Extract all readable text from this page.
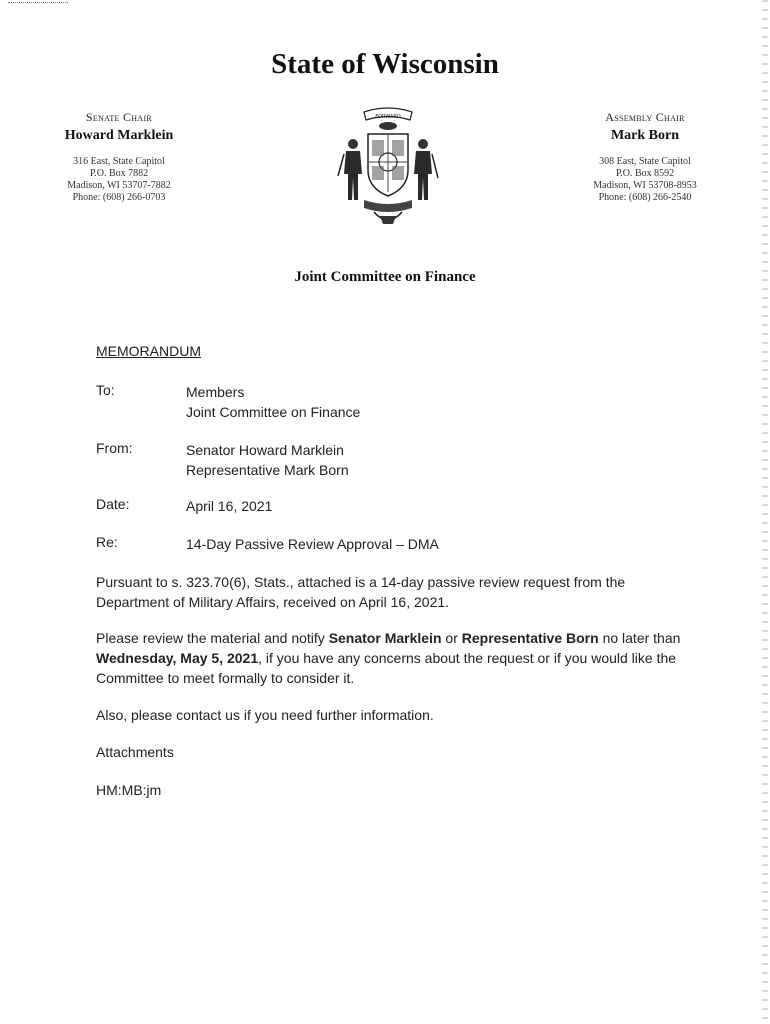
State of Wisconsin
Senate Chair
Howard Marklein
316 East, State Capitol
P.O. Box 7882
Madison, WI 53707-7882
Phone: (608) 266-0703
FORWARD	Assembly Chair
Mark Born
308 East, State Capitol
P.O. Box 8592
Madison, WI 53708-8953
Phone: (608) 266-2540
Joint Committee on Finance
MEMORANDUM
To:	Members
Joint Committee on Finance
From:	Senator Howard Marklein
Representative Mark Born
Date:	April 16, 2021
Re:	14-Day Passive Review Approval – DMA
Pursuant to s. 323.70(6), Stats., attached is a 14-day passive review request from the Department of Military Affairs, received on April 16, 2021.
Please review the material and notify Senator Marklein or Representative Born no later than Wednesday, May 5, 2021, if you have any concerns about the request or if you would like the Committee to meet formally to consider it.
Also, please contact us if you need further information.
Attachments
HM:MB:jm
